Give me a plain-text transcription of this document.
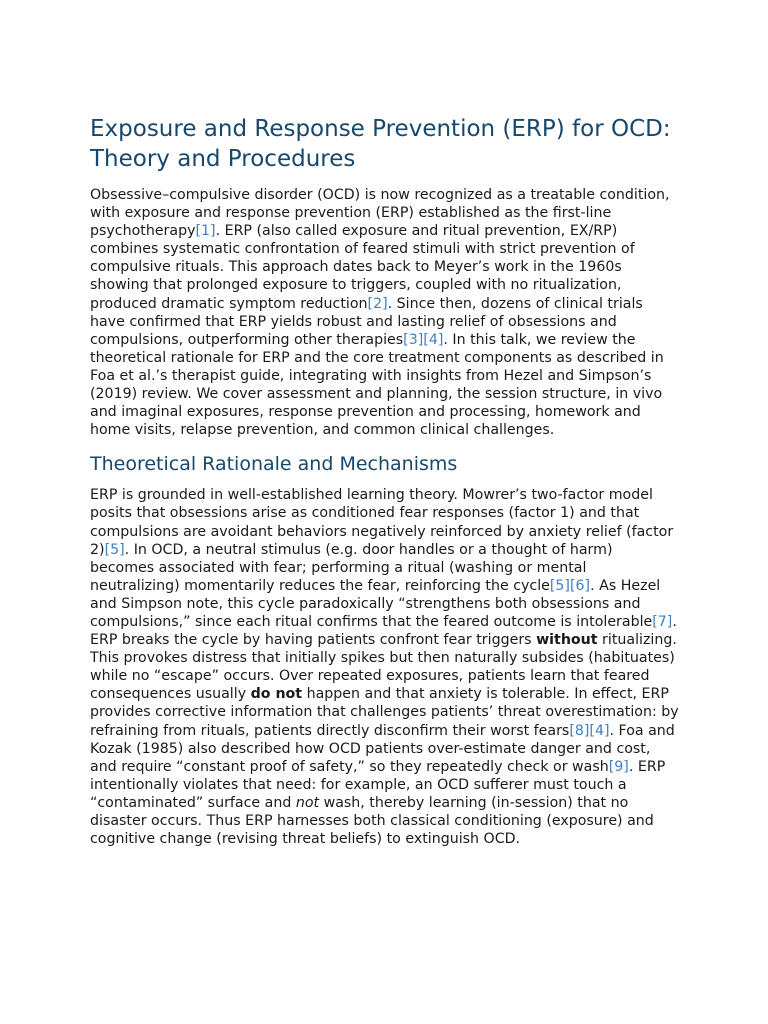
Exposure and Response Prevention (ERP) for OCD: Theory and Procedures

Obsessive–compulsive disorder (OCD) is now recognized as a treatable condition, with exposure and response prevention (ERP) established as the first-line psychotherapy[1]. ERP (also called exposure and ritual prevention, EX/RP) combines systematic confrontation of feared stimuli with strict prevention of compulsive rituals. This approach dates back to Meyer’s work in the 1960s showing that prolonged exposure to triggers, coupled with no ritualization, produced dramatic symptom reduction[2]. Since then, dozens of clinical trials have confirmed that ERP yields robust and lasting relief of obsessions and compulsions, outperforming other therapies[3][4]. In this talk, we review the theoretical rationale for ERP and the core treatment components as described in Foa et al.’s therapist guide, integrating with insights from Hezel and Simpson’s (2019) review. We cover assessment and planning, the session structure, in vivo and imaginal exposures, response prevention and processing, homework and home visits, relapse prevention, and common clinical challenges.

Theoretical Rationale and Mechanisms

ERP is grounded in well-established learning theory. Mowrer’s two-factor model posits that obsessions arise as conditioned fear responses (factor 1) and that compulsions are avoidant behaviors negatively reinforced by anxiety relief (factor 2)[5]. In OCD, a neutral stimulus (e.g. door handles or a thought of harm) becomes associated with fear; performing a ritual (washing or mental neutralizing) momentarily reduces the fear, reinforcing the cycle[5][6]. As Hezel and Simpson note, this cycle paradoxically “strengthens both obsessions and compulsions,” since each ritual confirms that the feared outcome is intolerable[7]. ERP breaks the cycle by having patients confront fear triggers without ritualizing. This provokes distress that initially spikes but then naturally subsides (habituates) while no “escape” occurs. Over repeated exposures, patients learn that feared consequences usually do not happen and that anxiety is tolerable. In effect, ERP provides corrective information that challenges patients’ threat overestimation: by refraining from rituals, patients directly disconfirm their worst fears[8][4]. Foa and Kozak (1985) also described how OCD patients over-estimate danger and cost, and require “constant proof of safety,” so they repeatedly check or wash[9]. ERP intentionally violates that need: for example, an OCD sufferer must touch a “contaminated” surface and not wash, thereby learning (in-session) that no disaster occurs. Thus ERP harnesses both classical conditioning (exposure) and cognitive change (revising threat beliefs) to extinguish OCD.
